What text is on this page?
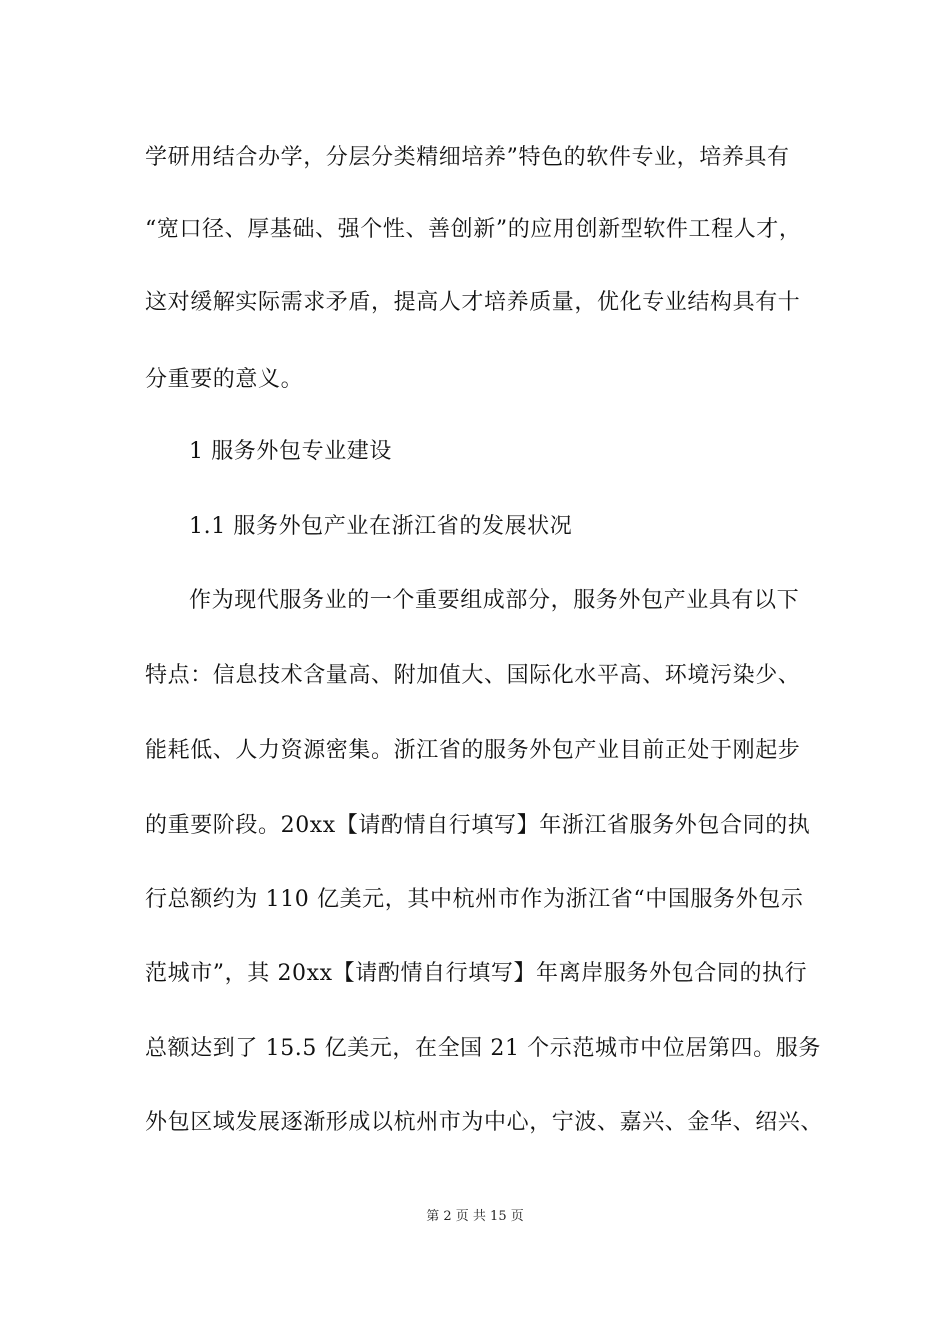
学研用结合办学，分层分类精细培养”特色的软件专业，培养具有
“宽口径、厚基础、强个性、善创新”的应用创新型软件工程人才，
这对缓解实际需求矛盾，提高人才培养质量，优化专业结构具有十
分重要的意义。
1 服务外包专业建设
1.1 服务外包产业在浙江省的发展状况
作为现代服务业的一个重要组成部分，服务外包产业具有以下
特点：信息技术含量高、附加值大、国际化水平高、环境污染少、
能耗低、人力资源密集。浙江省的服务外包产业目前正处于刚起步
的重要阶段。20xx【请酌情自行填写】年浙江省服务外包合同的执
行总额约为 110 亿美元，其中杭州市作为浙江省“中国服务外包示
范城市”，其 20xx【请酌情自行填写】年离岸服务外包合同的执行
总额达到了 15.5 亿美元，在全国 21 个示范城市中位居第四。服务
外包区域发展逐渐形成以杭州市为中心，宁波、嘉兴、金华、绍兴、
第 2 页 共 15 页
